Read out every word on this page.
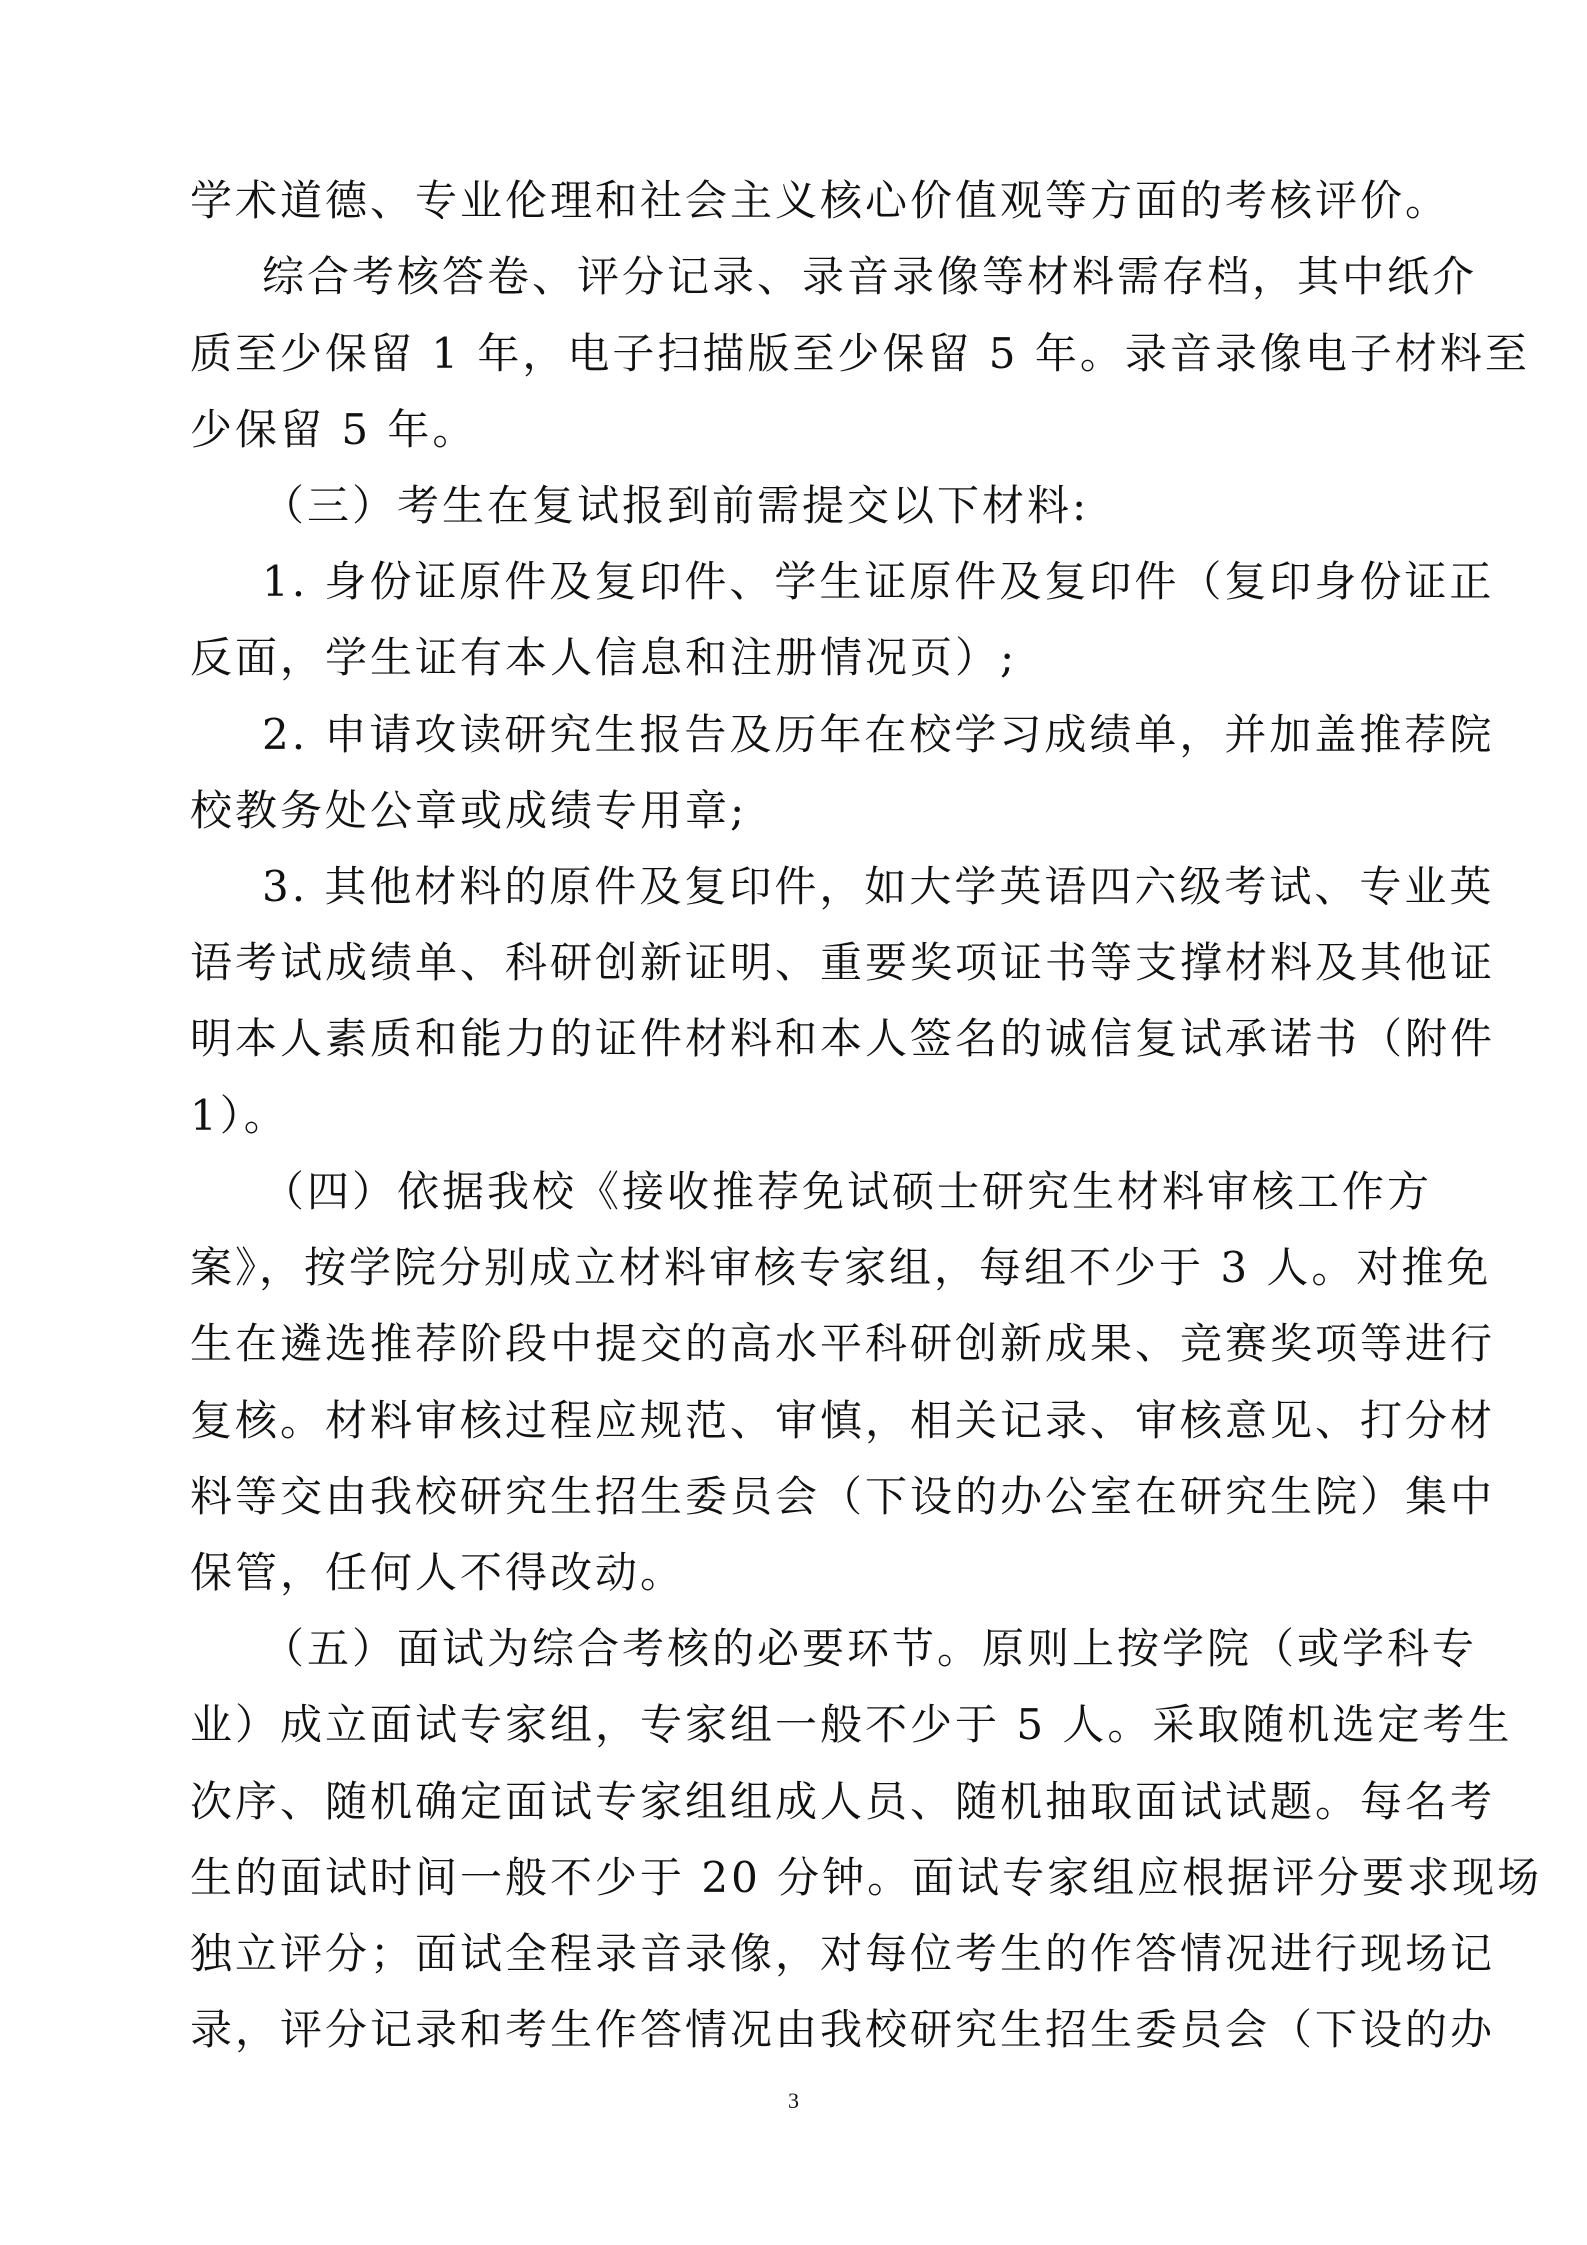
学术道德、专业伦理和社会主义核心价值观等方面的考核评价。
综合考核答卷、评分记录、录音录像等材料需存档，其中纸介
质至少保留 1 年，电子扫描版至少保留 5 年。录音录像电子材料至
少保留 5 年。
（三）考生在复试报到前需提交以下材料:
1. 身份证原件及复印件、学生证原件及复印件（复印身份证正
反面，学生证有本人信息和注册情况页）;
2. 申请攻读研究生报告及历年在校学习成绩单，并加盖推荐院
校教务处公章或成绩专用章;
3. 其他材料的原件及复印件，如大学英语四六级考试、专业英
语考试成绩单、科研创新证明、重要奖项证书等支撑材料及其他证
明本人素质和能力的证件材料和本人签名的诚信复试承诺书（附件
1）。
（四）依据我校《接收推荐免试硕士研究生材料审核工作方
案》，按学院分别成立材料审核专家组，每组不少于 3 人。对推免
生在遴选推荐阶段中提交的高水平科研创新成果、竞赛奖项等进行
复核。材料审核过程应规范、审慎，相关记录、审核意见、打分材
料等交由我校研究生招生委员会（下设的办公室在研究生院）集中
保管，任何人不得改动。
（五）面试为综合考核的必要环节。原则上按学院（或学科专
业）成立面试专家组，专家组一般不少于 5 人。采取随机选定考生
次序、随机确定面试专家组组成人员、随机抽取面试试题。每名考
生的面试时间一般不少于 20 分钟。面试专家组应根据评分要求现场
独立评分；面试全程录音录像，对每位考生的作答情况进行现场记
录，评分记录和考生作答情况由我校研究生招生委员会（下设的办
3
